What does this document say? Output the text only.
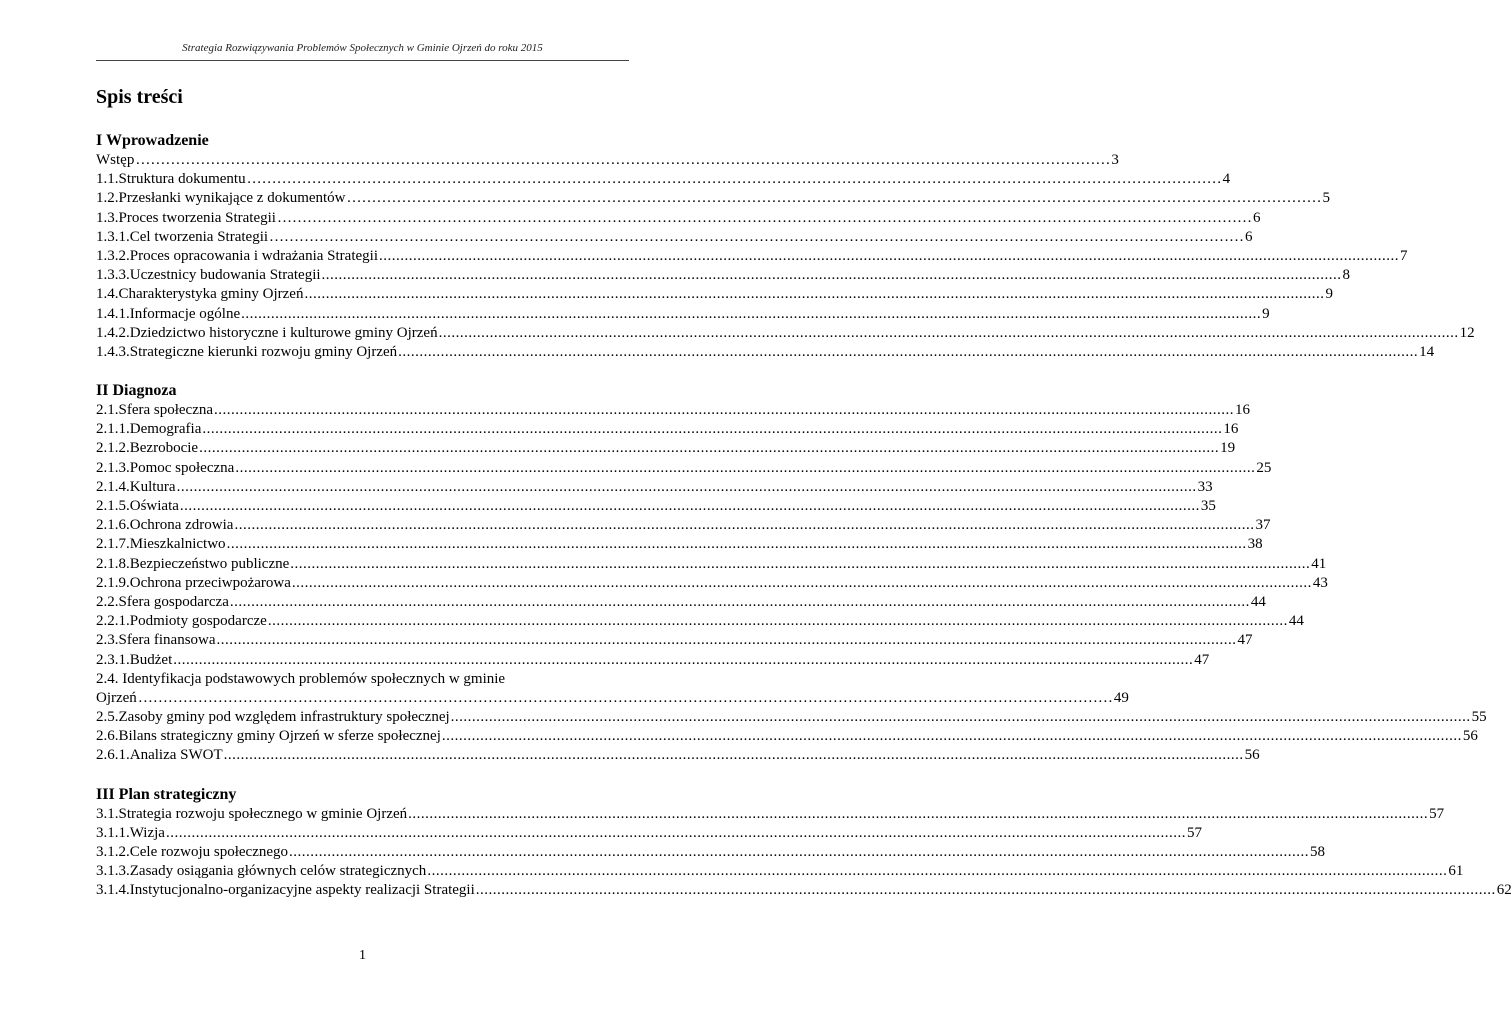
Strategia Rozwiązywania Problemów Społecznych w Gminie Ojrzeń do roku 2015
Spis treści
I Wprowadzenie
Wstęp ……………………………………………………………………………………………………………………………………………………………………………	3
1.1.Struktura dokumentu ……………………………………………………………………………………………………………………………………………………………………………	4
1.2.Przesłanki wynikające z dokumentów ……………………………………………………………………………………………………………………………………………………………………………	5
1.3.Proces tworzenia Strategii ……………………………………………………………………………………………………………………………………………………………………………	6
1.3.1.Cel tworzenia Strategii ……………………………………………………………………………………………………………………………………………………………………………	6
1.3.2.Proces opracowania i wdrażania Strategii .....	7
1.3.3.Uczestnicy budowania Strategii .....	8
1.4.Charakterystyka gminy Ojrzeń .....	9
1.4.1.Informacje ogólne .....	9
1.4.2.Dziedzictwo historyczne i kulturowe gminy Ojrzeń .....	12
1.4.3.Strategiczne kierunki rozwoju gminy Ojrzeń .....	14
II Diagnoza
2.1.Sfera społeczna .....	16
2.1.1.Demografia .....	16
2.1.2.Bezrobocie .....	19
2.1.3.Pomoc społeczna .....	25
2.1.4.Kultura .....	33
2.1.5.Oświata .....	35
2.1.6.Ochrona zdrowia .....	37
2.1.7.Mieszkalnictwo .....	38
2.1.8.Bezpieczeństwo publiczne .....	41
2.1.9.Ochrona przeciwpożarowa .....	43
2.2.Sfera gospodarcza .....	44
2.2.1.Podmioty gospodarcze .....	44
2.3.Sfera finansowa .....	47
2.3.1.Budżet .....	47
2.4. Identyfikacja podstawowych problemów społecznych w gminie
Ojrzeń ……………………………………………………………………………………………………………………………………………………………………………	49
2.5.Zasoby gminy pod względem infrastruktury społecznej .....	55
2.6.Bilans strategiczny gminy Ojrzeń w sferze społecznej .....	56
2.6.1.Analiza SWOT .....	56
III Plan strategiczny
3.1.Strategia rozwoju społecznego w gminie Ojrzeń .....	57
3.1.1.Wizja .....	57
3.1.2.Cele rozwoju społecznego .....	58
3.1.3.Zasady osiągania głównych celów strategicznych .....	61
3.1.4.Instytucjonalno-organizacyjne aspekty realizacji Strategii .....	62
1
